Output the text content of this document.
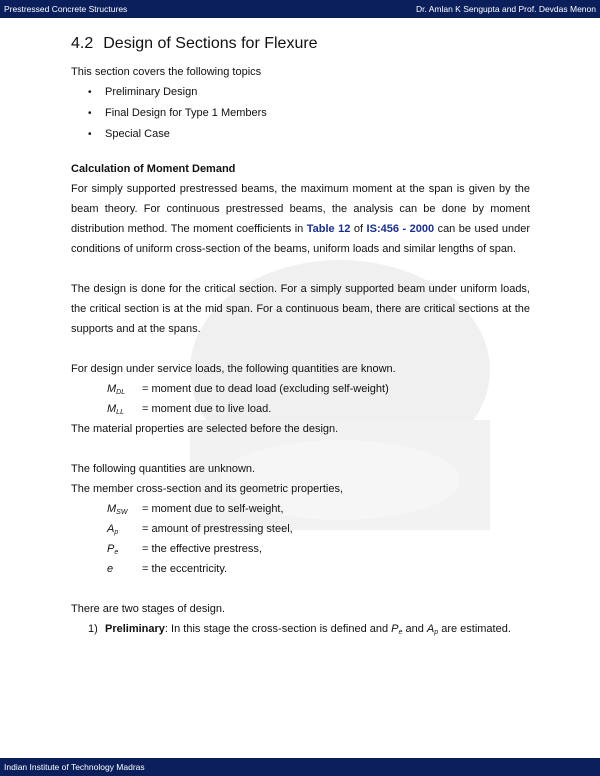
Prestressed Concrete Structures	Dr. Amlan K Sengupta and Prof. Devdas Menon
4.2 Design of Sections for Flexure

This section covers the following topics

• Preliminary Design
• Final Design for Type 1 Members
• Special Case

Calculation of Moment Demand

For simply supported prestressed beams, the maximum moment at the span is given by the beam theory. For continuous prestressed beams, the analysis can be done by moment distribution method. The moment coefficients in Table 12 of IS:456 - 2000 can be used under conditions of uniform cross-section of the beams, uniform loads and similar lengths of span.

The design is done for the critical section. For a simply supported beam under uniform loads, the critical section is at the mid span. For a continuous beam, there are critical sections at the supports and at the spans.

For design under service loads, the following quantities are known.

$M_{DL}$	= moment due to dead load (excluding self-weight)
$M_{LL}$	= moment due to live load.

The material properties are selected before the design.

The following quantities are unknown.

The member cross-section and its geometric properties,

$M_{SW}$	= moment due to self-weight,
$A_p$	= amount of prestressing steel,
$P_e$	= the effective prestress,
e	= the eccentricity.

There are two stages of design.

1) Preliminary: In this stage the cross-section is defined and $P_e$ and $A_p$ are estimated.
Indian Institute of Technology Madras
